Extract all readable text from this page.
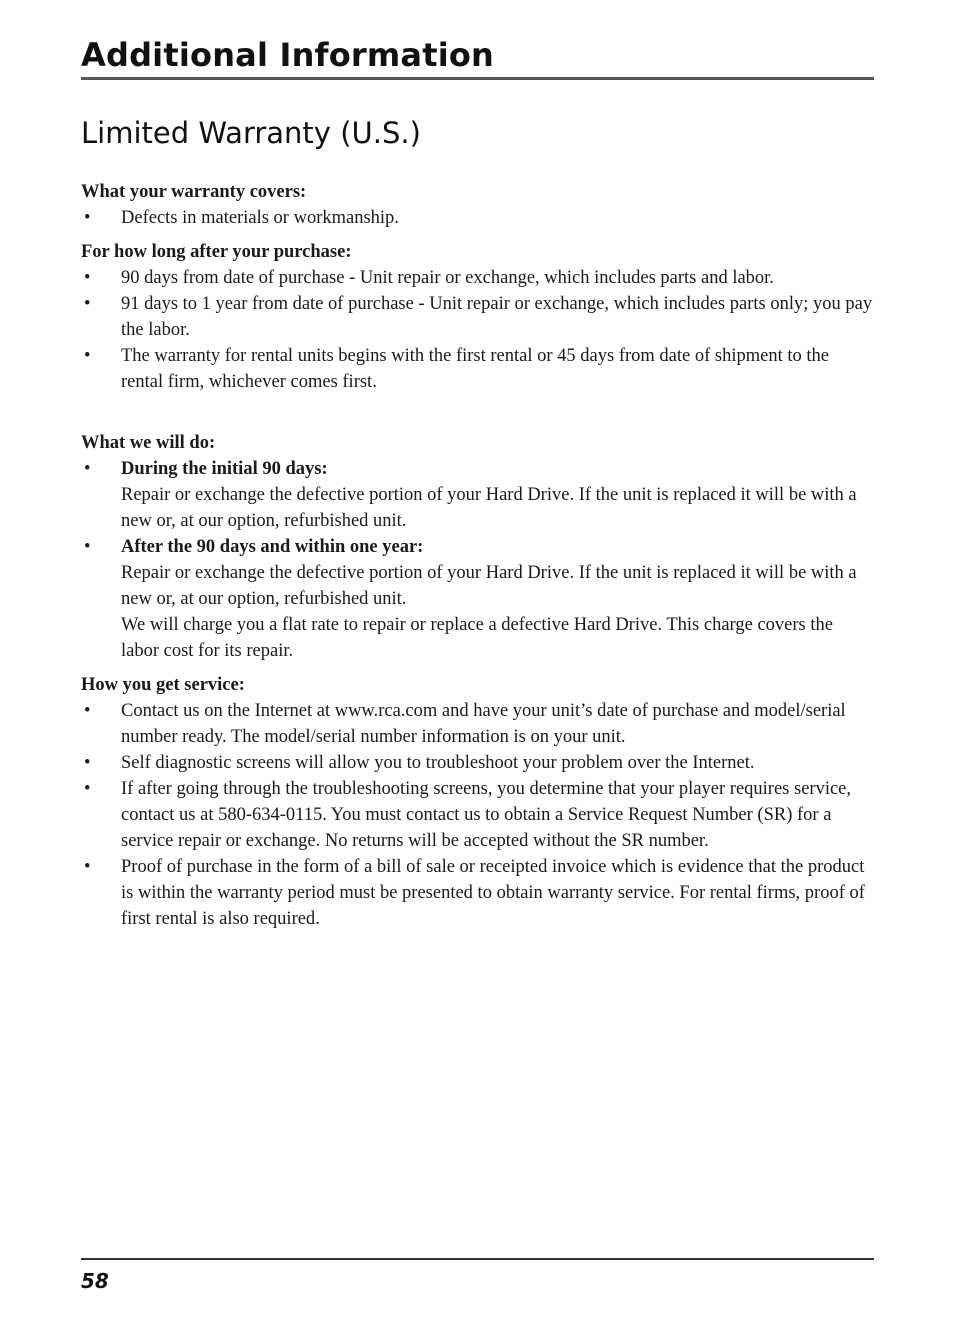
Additional Information
Limited Warranty (U.S.)

What your warranty covers:

• Defects in materials or workmanship.

For how long after your purchase:

• 90 days from date of purchase - Unit repair or exchange, which includes parts and labor.
• 91 days to 1 year from date of purchase - Unit repair or exchange, which includes parts only; you pay the labor.
• The warranty for rental units begins with the first rental or 45 days from date of shipment to the rental firm, whichever comes first.

What we will do:

• During the initial 90 days:
Repair or exchange the defective portion of your Hard Drive. If the unit is replaced it will be with a new or, at our option, refurbished unit.
• After the 90 days and within one year:
Repair or exchange the defective portion of your Hard Drive. If the unit is replaced it will be with a new or, at our option, refurbished unit.
We will charge you a flat rate to repair or replace a defective Hard Drive. This charge covers the labor cost for its repair.

How you get service:

• Contact us on the Internet at www.rca.com and have your unit’s date of purchase and model/serial number ready. The model/serial number information is on your unit.
• Self diagnostic screens will allow you to troubleshoot your problem over the Internet.
• If after going through the troubleshooting screens, you determine that your player requires service, contact us at 580-634-0115. You must contact us to obtain a Service Request Number (SR) for a service repair or exchange. No returns will be accepted without the SR number.
• Proof of purchase in the form of a bill of sale or receipted invoice which is evidence that the product is within the warranty period must be presented to obtain warranty service. For rental firms, proof of first rental is also required.
58
